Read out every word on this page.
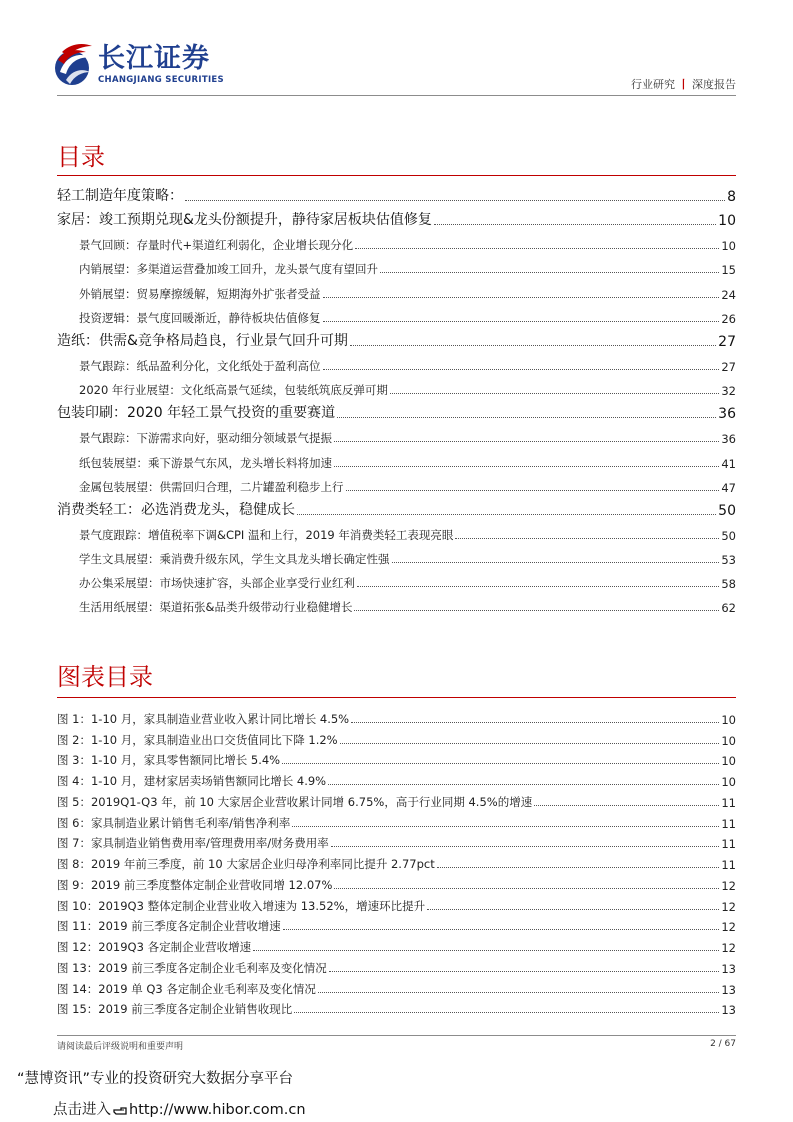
长江证券
CHANGJIANG SECURITIES	行业研究 丨 深度报告
目录
轻工制造年度策略：	8
家居：竣工预期兑现&龙头份额提升，静待家居板块估值修复	10
景气回顾：存量时代+渠道红利弱化，企业增长现分化	10
内销展望：多渠道运营叠加竣工回升，龙头景气度有望回升	15
外销展望：贸易摩擦缓解，短期海外扩张者受益	24
投资逻辑：景气度回暖渐近，静待板块估值修复	26
造纸：供需&竞争格局趋良，行业景气回升可期	27
景气跟踪：纸品盈利分化，文化纸处于盈利高位	27
2020 年行业展望：文化纸高景气延续，包装纸筑底反弹可期	32
包装印刷：2020 年轻工景气投资的重要赛道	36
景气跟踪：下游需求向好，驱动细分领域景气提振	36
纸包装展望：乘下游景气东风，龙头增长料将加速	41
金属包装展望：供需回归合理，二片罐盈利稳步上行	47
消费类轻工：必选消费龙头，稳健成长	50
景气度跟踪：增值税率下调&CPI 温和上行，2019 年消费类轻工表现亮眼	50
学生文具展望：乘消费升级东风，学生文具龙头增长确定性强	53
办公集采展望：市场快速扩容，头部企业享受行业红利	58
生活用纸展望：渠道拓张&品类升级带动行业稳健增长	62
图表目录
图 1：1-10 月，家具制造业营业收入累计同比增长 4.5%	10
图 2：1-10 月，家具制造业出口交货值同比下降 1.2%	10
图 3：1-10 月，家具零售额同比增长 5.4%	10
图 4：1-10 月，建材家居卖场销售额同比增长 4.9%	10
图 5：2019Q1-Q3 年，前 10 大家居企业营收累计同增 6.75%，高于行业同期 4.5%的增速	11
图 6：家具制造业累计销售毛利率/销售净利率	11
图 7：家具制造业销售费用率/管理费用率/财务费用率	11
图 8：2019 年前三季度，前 10 大家居企业归母净利率同比提升 2.77pct	11
图 9：2019 前三季度整体定制企业营收同增 12.07%	12
图 10：2019Q3 整体定制企业营业收入增速为 13.52%，增速环比提升	12
图 11：2019 前三季度各定制企业营收增速	12
图 12：2019Q3 各定制企业营收增速	12
图 13：2019 前三季度各定制企业毛利率及变化情况	13
图 14：2019 单 Q3 各定制企业毛利率及变化情况	13
图 15：2019 前三季度各定制企业销售收现比	13
请阅读最后评级说明和重要声明	2 / 67
“慧博资讯”专业的投资研究大数据分享平台
点击进入 http://www.hibor.com.cn
